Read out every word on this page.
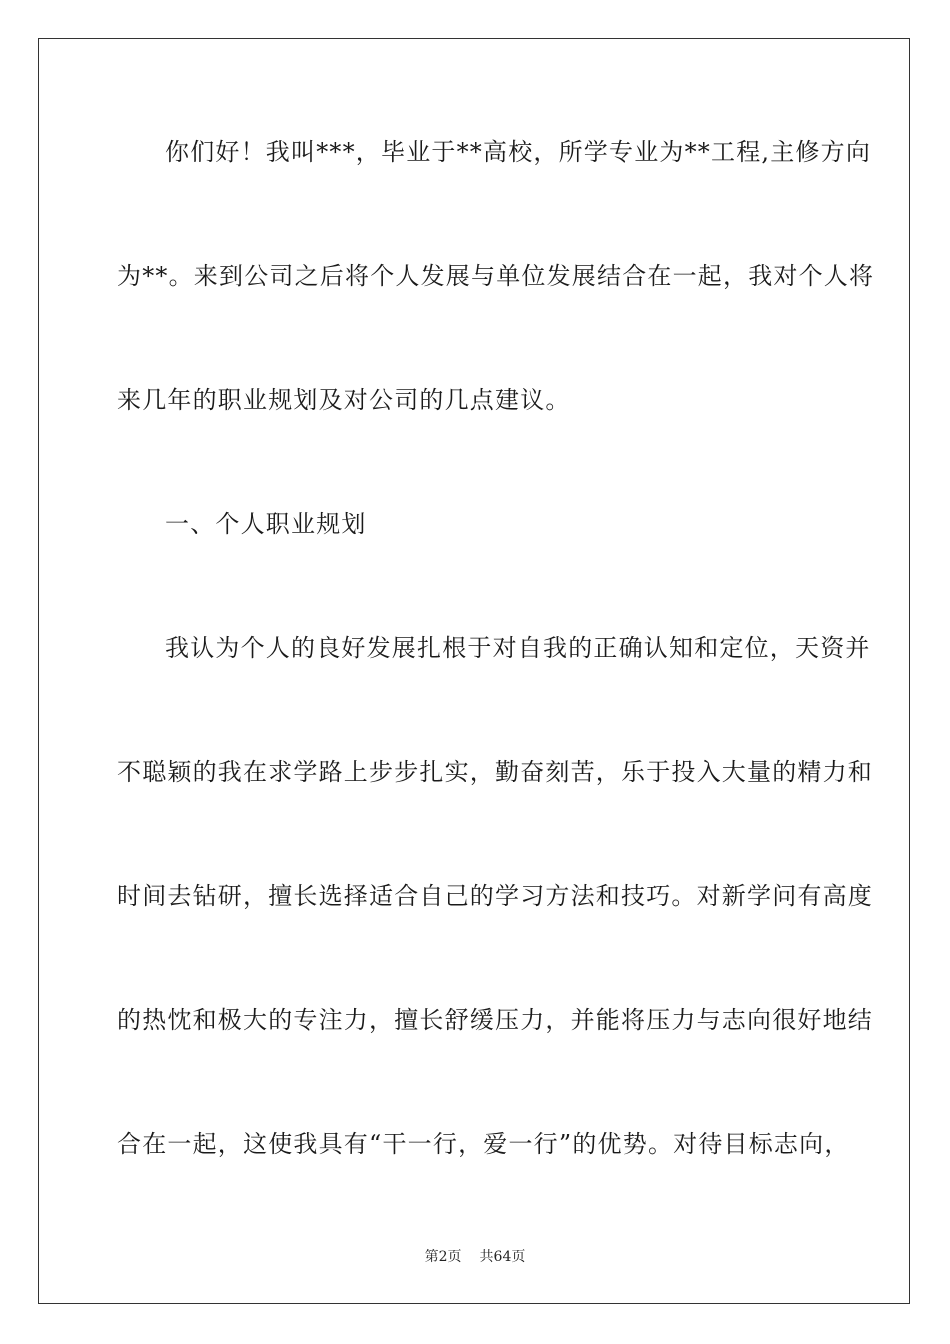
你们好！我叫***，毕业于**高校，所学专业为**工程,主修方向
为**。来到公司之后将个人发展与单位发展结合在一起，我对个人将
来几年的职业规划及对公司的几点建议。
一、个人职业规划
我认为个人的良好发展扎根于对自我的正确认知和定位，天资并
不聪颖的我在求学路上步步扎实，勤奋刻苦，乐于投入大量的精力和
时间去钻研，擅长选择适合自己的学习方法和技巧。对新学问有高度
的热忱和极大的专注力，擅长舒缓压力，并能将压力与志向很好地结
合在一起，这使我具有“干一行，爱一行”的优势。对待目标志向，
第2页 共64页
